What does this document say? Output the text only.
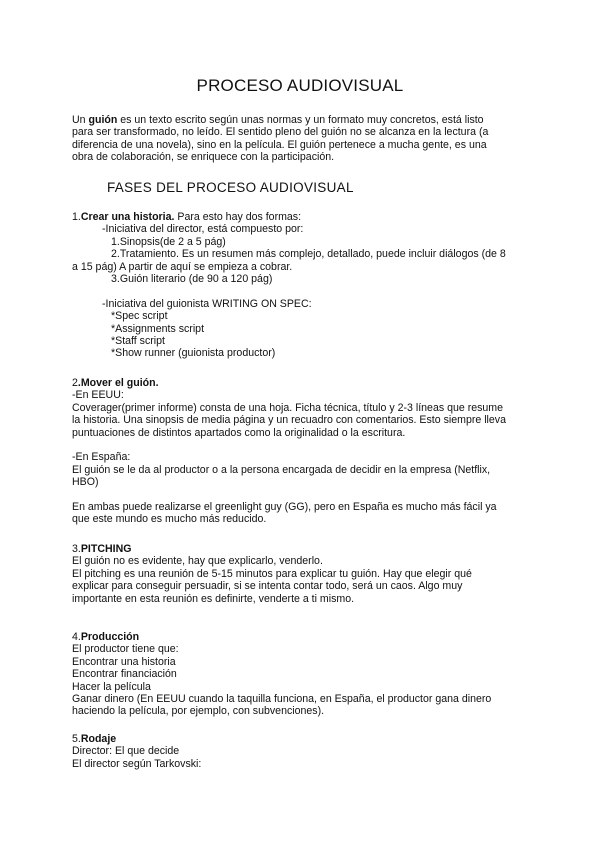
PROCESO AUDIOVISUAL
Un guión es un texto escrito según unas normas y un formato muy concretos, está listo
para ser transformado, no leído. El sentido pleno del guión no se alcanza en la lectura (a
diferencia de una novela), sino en la película. El guión pertenece a mucha gente, es una
obra de colaboración, se enriquece con la participación.
FASES DEL PROCESO AUDIOVISUAL
1.Crear una historia. Para esto hay dos formas:
-Iniciativa del director, está compuesto por:
1.Sinopsis(de 2 a 5 pág)
2.Tratamiento. Es un resumen más complejo, detallado, puede incluir diálogos (de 8
a 15 pág) A partir de aquí se empieza a cobrar.
3.Guión literario (de 90 a 120 pág)
-Iniciativa del guionista WRITING ON SPEC:
*Spec script
*Assignments script
*Staff script
*Show runner (guionista productor)
2.Mover el guión.
-En EEUU:
Coverager(primer informe) consta de una hoja. Ficha técnica, título y 2-3 líneas que resume
la historia. Una sinopsis de media página y un recuadro con comentarios. Esto siempre lleva
puntuaciones de distintos apartados como la originalidad o la escritura.
-En España:
El guión se le da al productor o a la persona encargada de decidir en la empresa (Netflix,
HBO)
En ambas puede realizarse el greenlight guy (GG), pero en España es mucho más fácil ya
que este mundo es mucho más reducido.
3.PITCHING
El guión no es evidente, hay que explicarlo, venderlo.
El pitching es una reunión de 5-15 minutos para explicar tu guión. Hay que elegir qué
explicar para conseguir persuadir, si se intenta contar todo, será un caos. Algo muy
importante en esta reunión es definirte, venderte a ti mismo.
4.Producción
El productor tiene que:
Encontrar una historia
Encontrar financiación
Hacer la película
Ganar dinero (En EEUU cuando la taquilla funciona, en España, el productor gana dinero
haciendo la película, por ejemplo, con subvenciones).
5.Rodaje
Director: El que decide
El director según Tarkovski:
